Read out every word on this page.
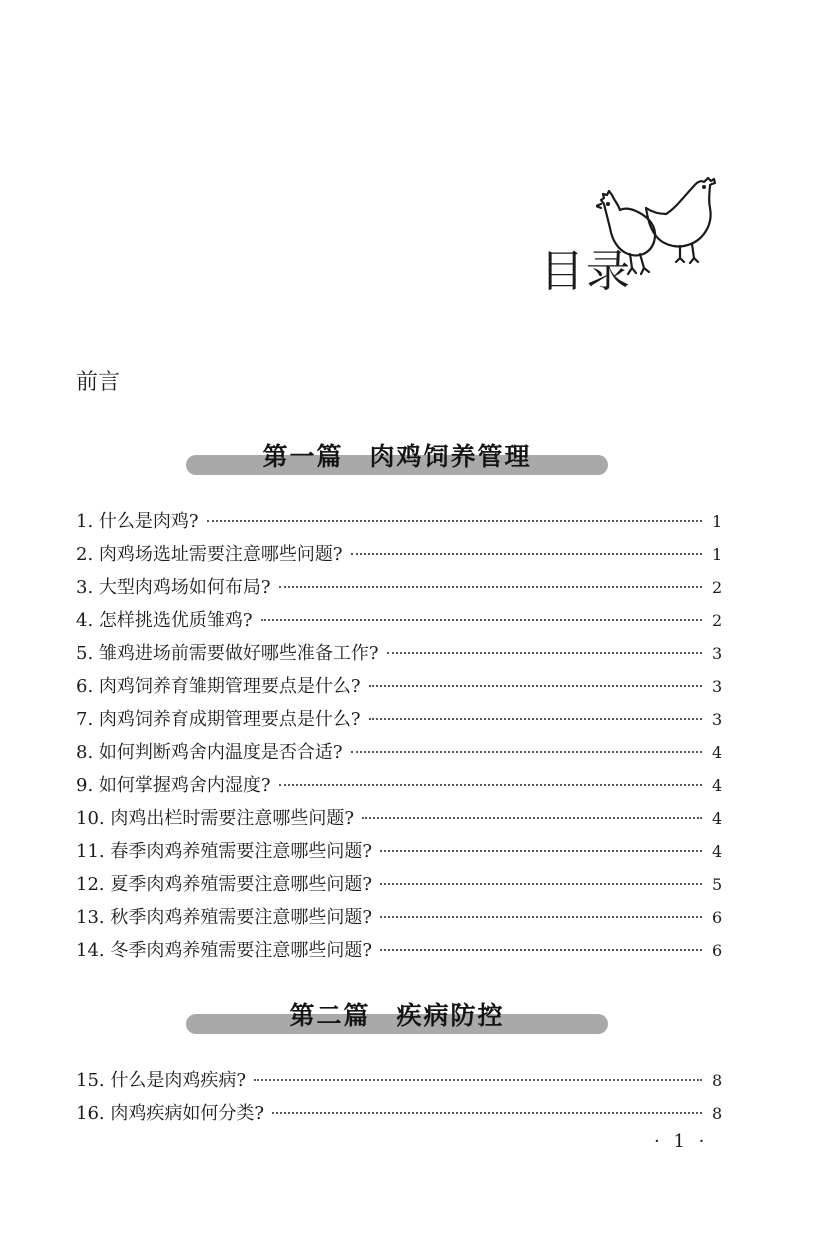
目录
前言
第一篇 肉鸡饲养管理
1. 什么是肉鸡?	1
2. 肉鸡场选址需要注意哪些问题?	1
3. 大型肉鸡场如何布局?	2
4. 怎样挑选优质雏鸡?	2
5. 雏鸡进场前需要做好哪些准备工作?	3
6. 肉鸡饲养育雏期管理要点是什么?	3
7. 肉鸡饲养育成期管理要点是什么?	3
8. 如何判断鸡舍内温度是否合适?	4
9. 如何掌握鸡舍内湿度?	4
10. 肉鸡出栏时需要注意哪些问题?	4
11. 春季肉鸡养殖需要注意哪些问题?	4
12. 夏季肉鸡养殖需要注意哪些问题?	5
13. 秋季肉鸡养殖需要注意哪些问题?	6
14. 冬季肉鸡养殖需要注意哪些问题?	6
第二篇 疾病防控
15. 什么是肉鸡疾病?	8
16. 肉鸡疾病如何分类?	8
· 1 ·
